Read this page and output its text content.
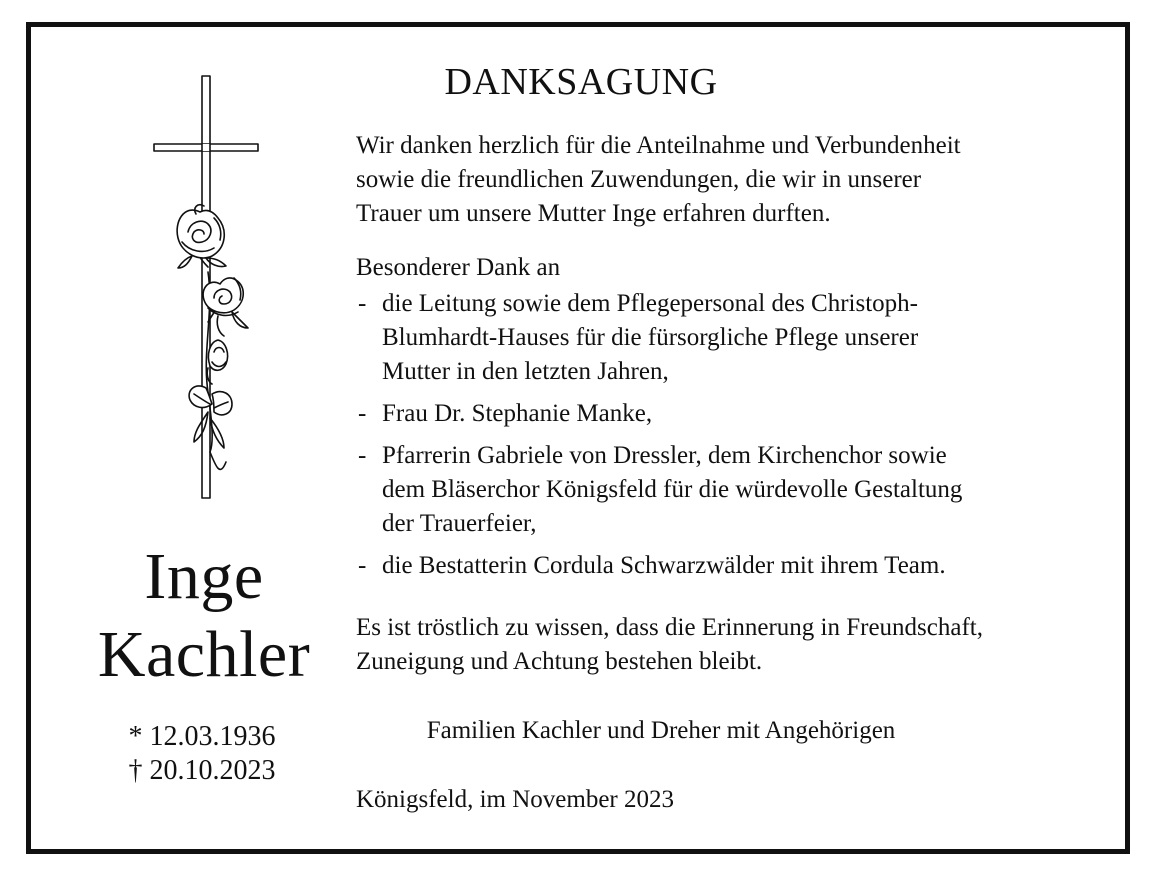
Inge
Kachler
* 12.03.1936
† 20.10.2023
DANKSAGUNG
Wir danken herzlich für die Anteilnahme und Verbundenheit
sowie die freundlichen Zuwendungen, die wir in unserer
Trauer um unsere Mutter Inge erfahren durften.
Besonderer Dank an
- die Leitung sowie dem Pflegepersonal des Christoph-
Blumhardt-Hauses für die fürsorgliche Pflege unserer
Mutter in den letzten Jahren,
- Frau Dr. Stephanie Manke,
- Pfarrerin Gabriele von Dressler, dem Kirchenchor sowie
dem Bläserchor Königsfeld für die würdevolle Gestaltung
der Trauerfeier,
- die Bestatterin Cordula Schwarzwälder mit ihrem Team.
Es ist tröstlich zu wissen, dass die Erinnerung in Freundschaft,
Zuneigung und Achtung bestehen bleibt.
Familien Kachler und Dreher mit Angehörigen
Königsfeld, im November 2023
